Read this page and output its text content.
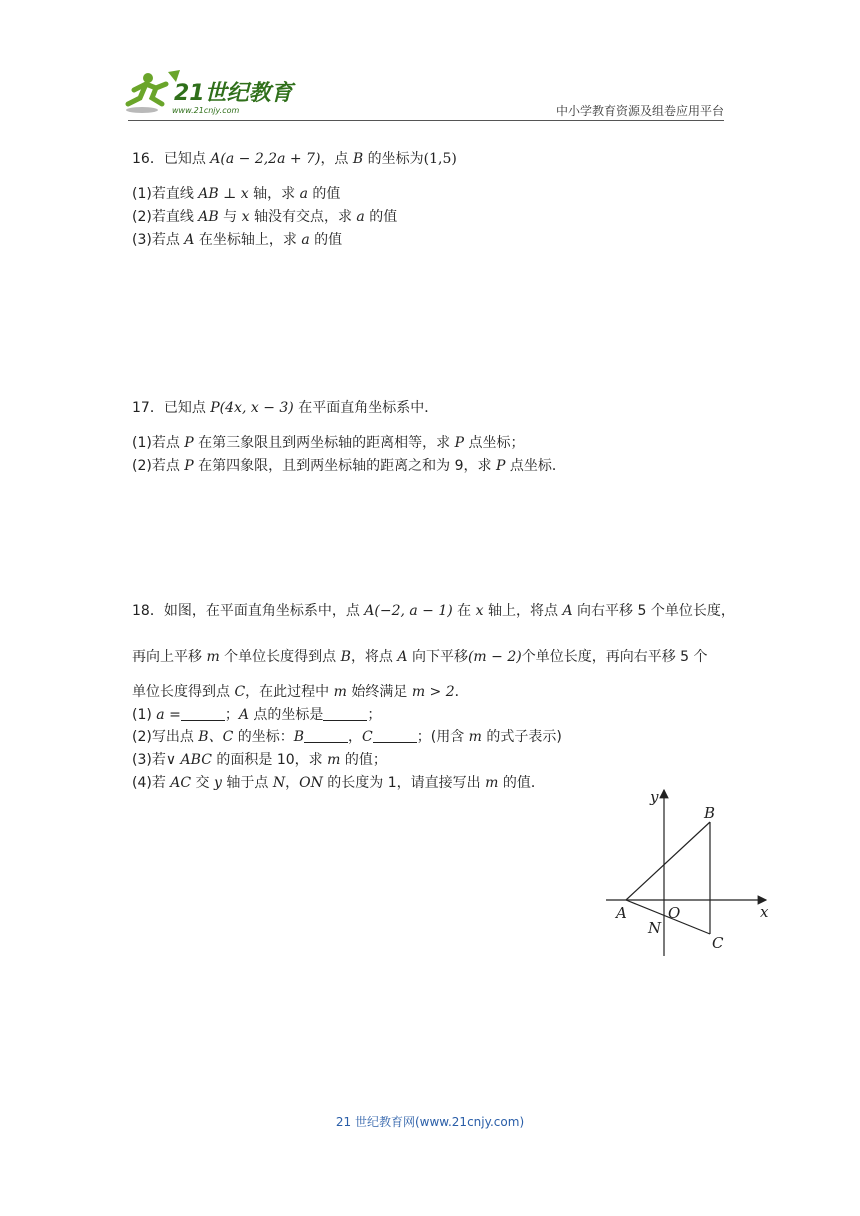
21世纪教育
www.21cnjy.com	中小学教育资源及组卷应用平台
16．已知点 A(a − 2,2a + 7)，点 B 的坐标为(1,5)
(1)若直线 AB ⊥ x 轴，求 a 的值
(2)若直线 AB 与 x 轴没有交点，求 a 的值
(3)若点 A 在坐标轴上，求 a 的值
17．已知点 P(4x, x − 3) 在平面直角坐标系中．
(1)若点 P 在第三象限且到两坐标轴的距离相等，求 P 点坐标；
(2)若点 P 在第四象限，且到两坐标轴的距离之和为 9，求 P 点坐标．
18．如图，在平面直角坐标系中，点 A(−2, a − 1) 在 x 轴上，将点 A 向右平移 5 个单位长度，
再向上平移 m 个单位长度得到点 B，将点 A 向下平移(m − 2)个单位长度，再向右平移 5 个
单位长度得到点 C，在此过程中 m 始终满足 m > 2．
(1) a =	；A 点的坐标是	；
(2)写出点 B、C 的坐标：B	，C	；(用含 m 的式子表示)
(3)若∨ ABC 的面积是 10，求 m 的值；
(4)若 AC 交 y 轴于点 N，ON 的长度为 1，请直接写出 m 的值．
y
x
A	O
N
B
C
21 世纪教育网(www.21cnjy.com)
